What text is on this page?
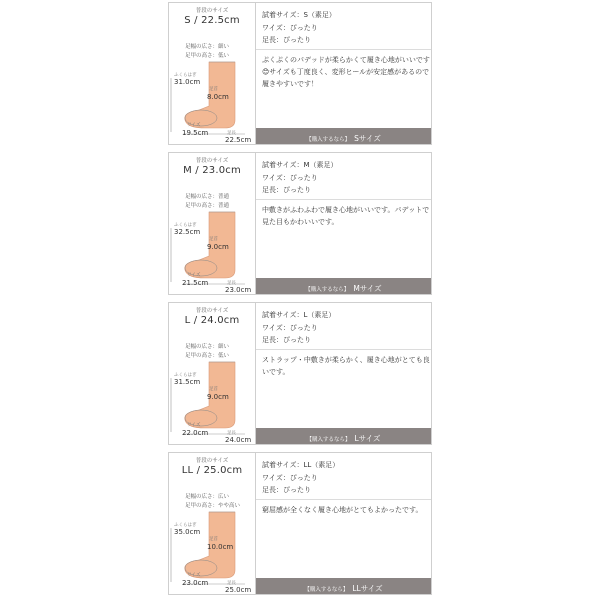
普段のサイズ
S / 22.5cm
足幅の広さ：細い
足甲の高さ：低い
ふくらはぎ
31.0cm
足首
8.0cm
ワイズ
19.5cm	足長
22.5cm
試着サイズ：S（素足）
ワイズ：ぴったり
足長：ぴったり
ぷくぷくのパデッドが柔らかくて履き心地がいいです😊サイズも丁度良く、変形ヒールが安定感があるので履きやすいです！
【購入するなら】 Sサイズ
普段のサイズ
M / 23.0cm
足幅の広さ：普通
足甲の高さ：普通
ふくらはぎ
32.5cm
足首
9.0cm
ワイズ
21.5cm	足長
23.0cm
試着サイズ：M（素足）
ワイズ：ぴったり
足長：ぴったり
中敷きがふわふわで履き心地がいいです。パデットで見た目もかわいいです。
【購入するなら】 Mサイズ
普段のサイズ
L / 24.0cm
足幅の広さ：細い
足甲の高さ：低い
ふくらはぎ
31.5cm
足首
9.0cm
ワイズ
22.0cm	足長
24.0cm
試着サイズ：L（素足）
ワイズ：ぴったり
足長：ぴったり
ストラップ・中敷きが柔らかく、履き心地がとても良いです。
【購入するなら】 Lサイズ
普段のサイズ
LL / 25.0cm
足幅の広さ：広い
足甲の高さ：やや高い
ふくらはぎ
35.0cm
足首
10.0cm
ワイズ
23.0cm	足長
25.0cm
試着サイズ：LL（素足）
ワイズ：ぴったり
足長：ぴったり
窮屈感が全くなく履き心地がとてもよかったです。
【購入するなら】 LLサイズ
